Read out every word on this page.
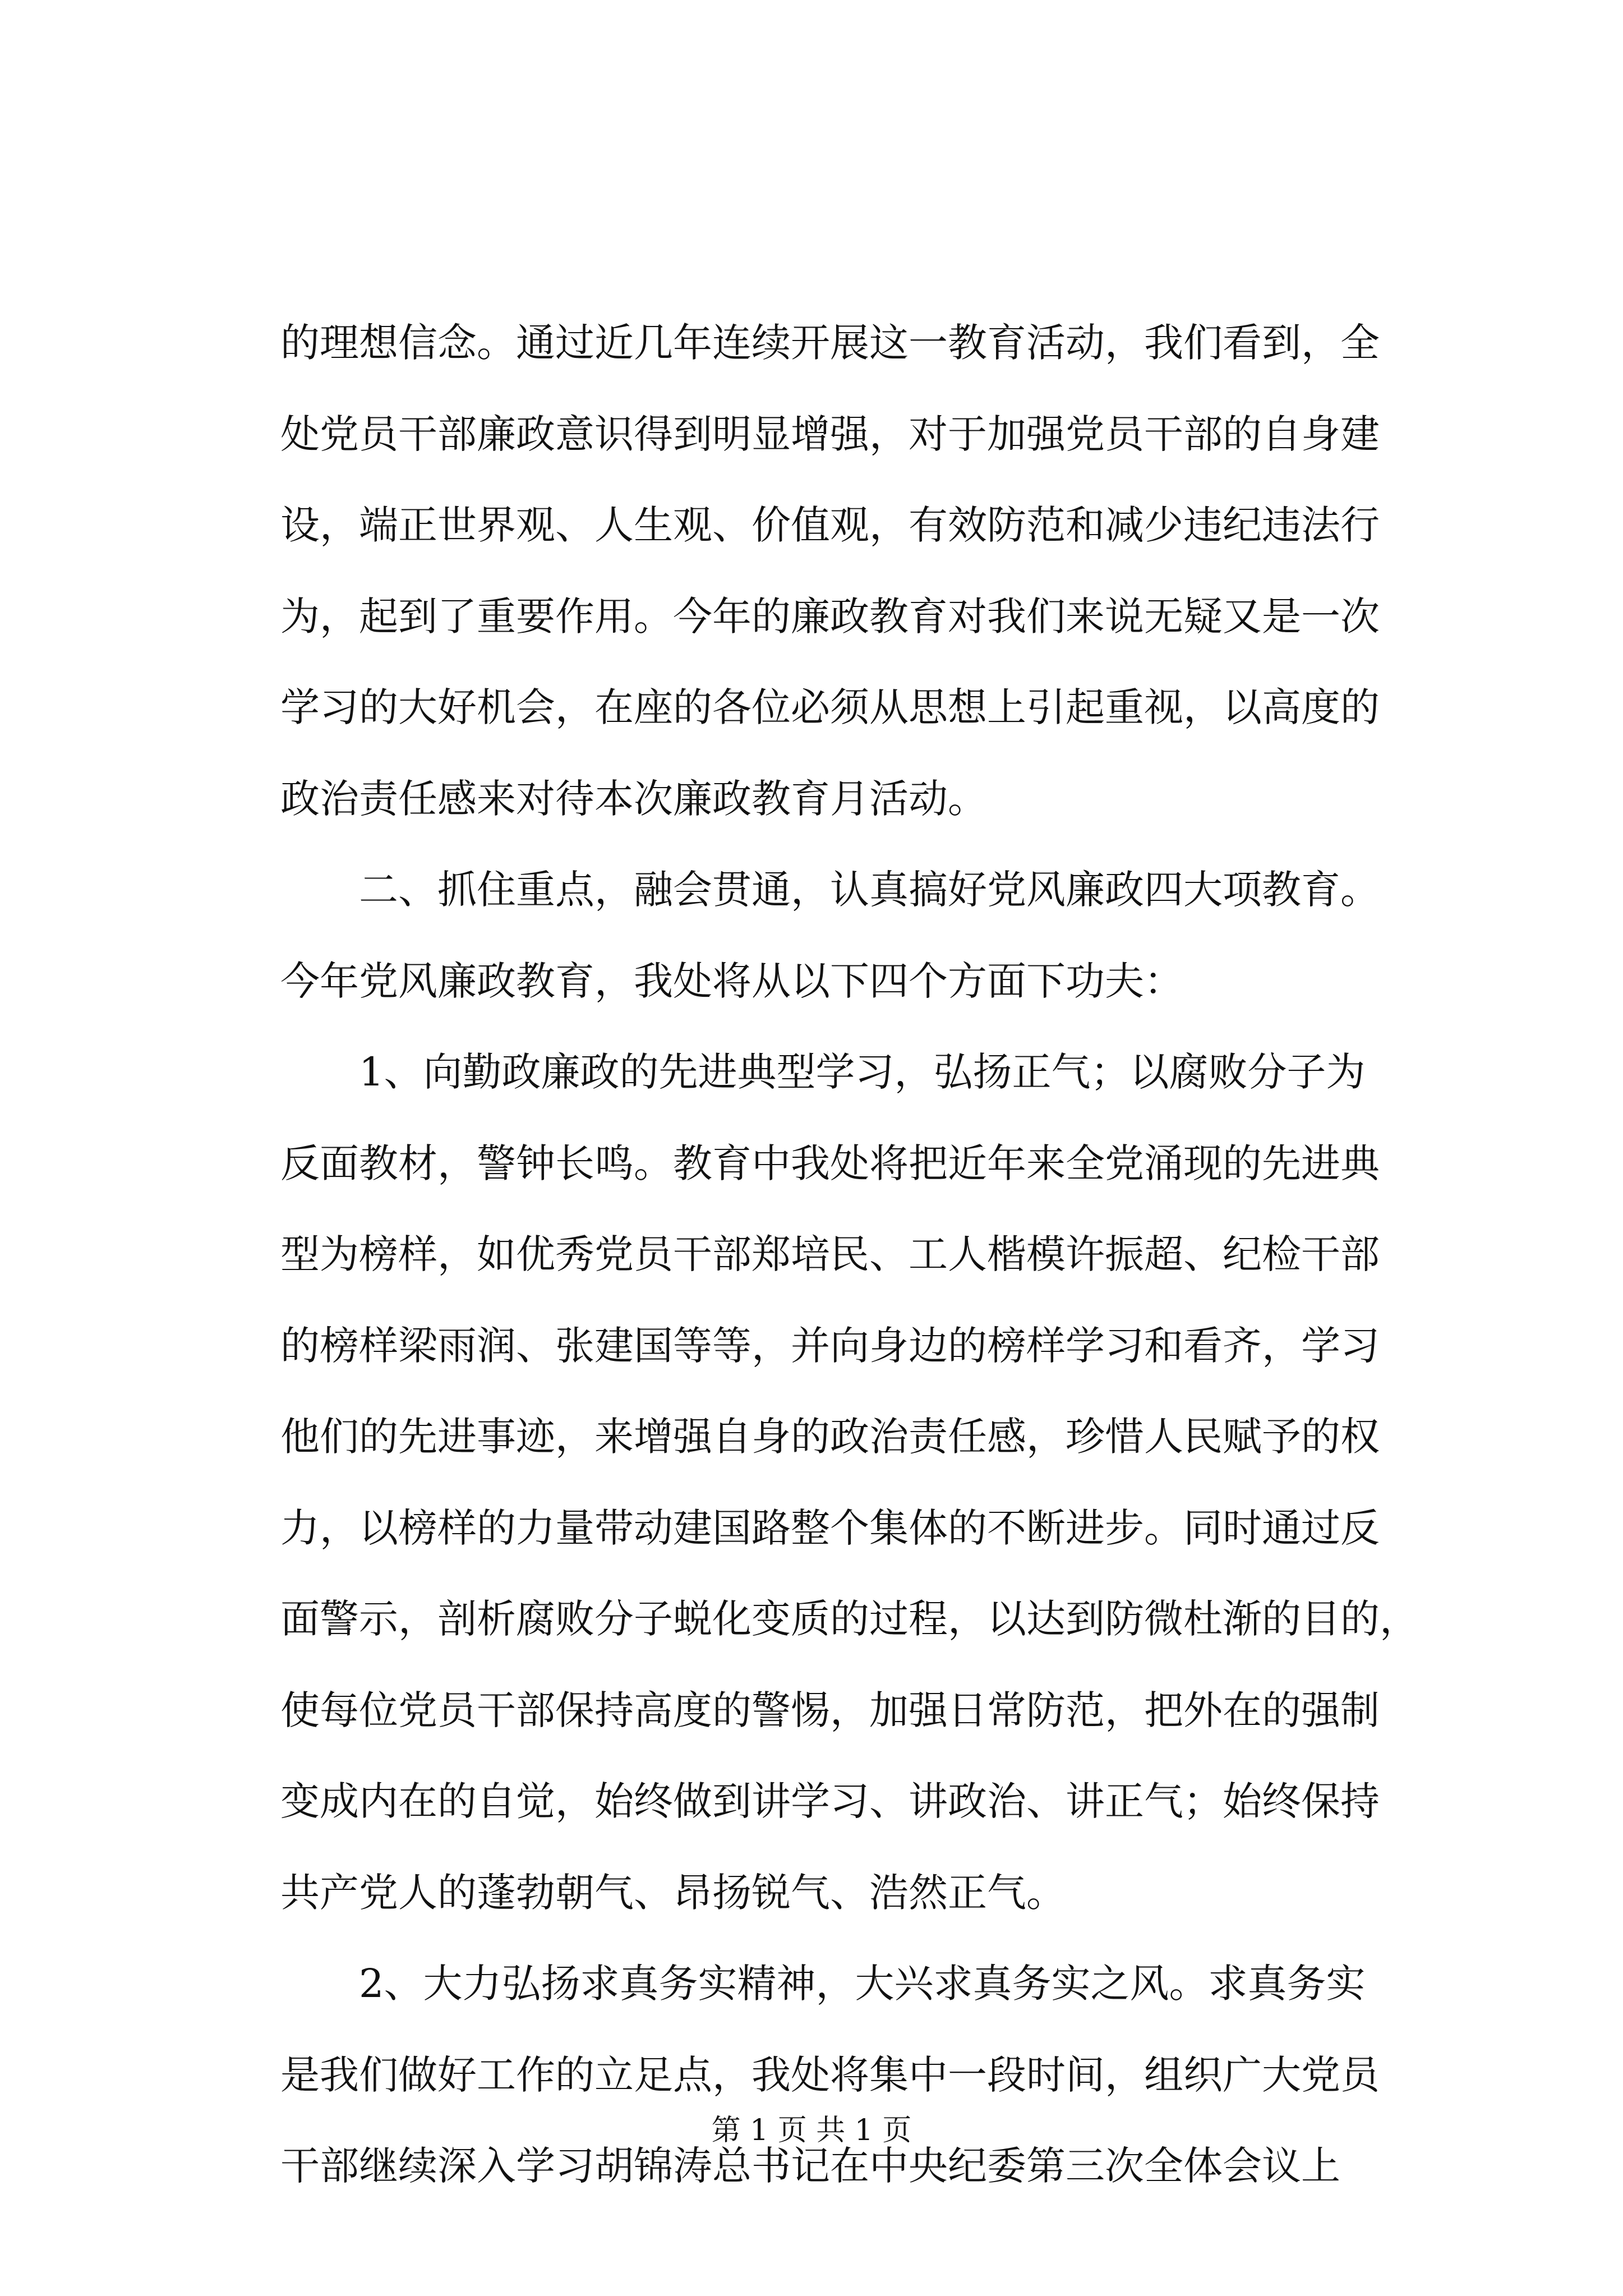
的理想信念。通过近几年连续开展这一教育活动，我们看到，全
处党员干部廉政意识得到明显增强，对于加强党员干部的自身建
设，端正世界观、人生观、价值观，有效防范和减少违纪违法行
为，起到了重要作用。今年的廉政教育对我们来说无疑又是一次
学习的大好机会，在座的各位必须从思想上引起重视，以高度的
政治责任感来对待本次廉政教育月活动。
二、抓住重点，融会贯通，认真搞好党风廉政四大项教育。
今年党风廉政教育，我处将从以下四个方面下功夫：
1、向勤政廉政的先进典型学习，弘扬正气；以腐败分子为
反面教材，警钟长鸣。教育中我处将把近年来全党涌现的先进典
型为榜样，如优秀党员干部郑培民、工人楷模许振超、纪检干部
的榜样梁雨润、张建国等等，并向身边的榜样学习和看齐，学习
他们的先进事迹，来增强自身的政治责任感，珍惜人民赋予的权
力，以榜样的力量带动建国路整个集体的不断进步。同时通过反
面警示，剖析腐败分子蜕化变质的过程，以达到防微杜渐的目的，
使每位党员干部保持高度的警惕，加强日常防范，把外在的强制
变成内在的自觉，始终做到讲学习、讲政治、讲正气；始终保持
共产党人的蓬勃朝气、昂扬锐气、浩然正气。
2、大力弘扬求真务实精神，大兴求真务实之风。求真务实
是我们做好工作的立足点，我处将集中一段时间，组织广大党员
干部继续深入学习胡锦涛总书记在中央纪委第三次全体会议上
第 1 页 共 1 页
